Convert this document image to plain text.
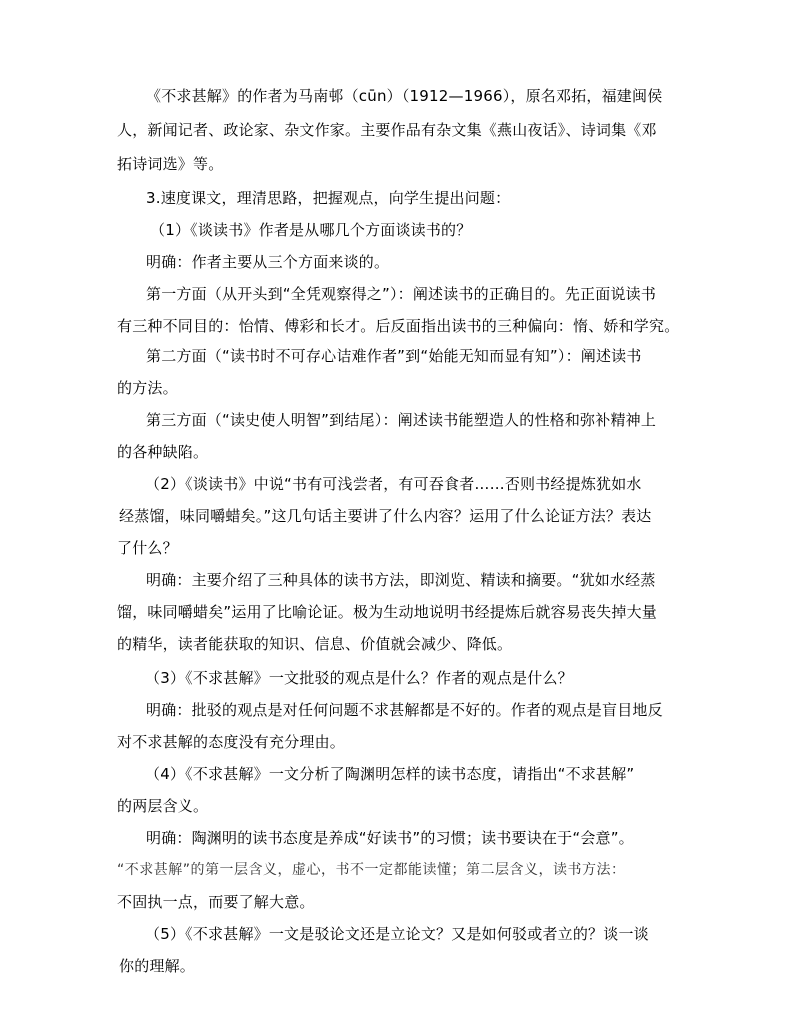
《不求甚解》的作者为马南邨（cūn）（1912—1966），原名邓拓，福建闽侯
人，新闻记者、政论家、杂文作家。主要作品有杂文集《燕山夜话》、诗词集《邓
拓诗词选》等。
3.速度课文，理清思路，把握观点，向学生提出问题：
（1）《谈读书》作者是从哪几个方面谈读书的？
明确：作者主要从三个方面来谈的。
第一方面（从开头到“全凭观察得之”）：阐述读书的正确目的。先正面说读书
有三种不同目的：怡情、傅彩和长才。后反面指出读书的三种偏向：惰、娇和学究。
第二方面（“读书时不可存心诘难作者”到“始能无知而显有知”）：阐述读书
的方法。
第三方面（“读史使人明智”到结尾）：阐述读书能塑造人的性格和弥补精神上
的各种缺陷。
（2）《谈读书》中说“书有可浅尝者，有可吞食者……否则书经提炼犹如水
经蒸馏，味同嚼蜡矣。”这几句话主要讲了什么内容？运用了什么论证方法？表达
了什么？
明确：主要介绍了三种具体的读书方法，即浏览、精读和摘要。“犹如水经蒸
馏，味同嚼蜡矣”运用了比喻论证。极为生动地说明书经提炼后就容易丧失掉大量
的精华，读者能获取的知识、信息、价值就会减少、降低。
（3）《不求甚解》一文批驳的观点是什么？作者的观点是什么？
明确：批驳的观点是对任何问题不求甚解都是不好的。作者的观点是盲目地反
对不求甚解的态度没有充分理由。
（4）《不求甚解》一文分析了陶渊明怎样的读书态度，请指出“不求甚解”
的两层含义。
明确：陶渊明的读书态度是养成“好读书”的习惯；读书要诀在于“会意”。
“不求甚解”的第一层含义，虚心，书不一定都能读懂；第二层含义，读书方法：
不固执一点，而要了解大意。
（5）《不求甚解》一文是驳论文还是立论文？又是如何驳或者立的？谈一谈
你的理解。
